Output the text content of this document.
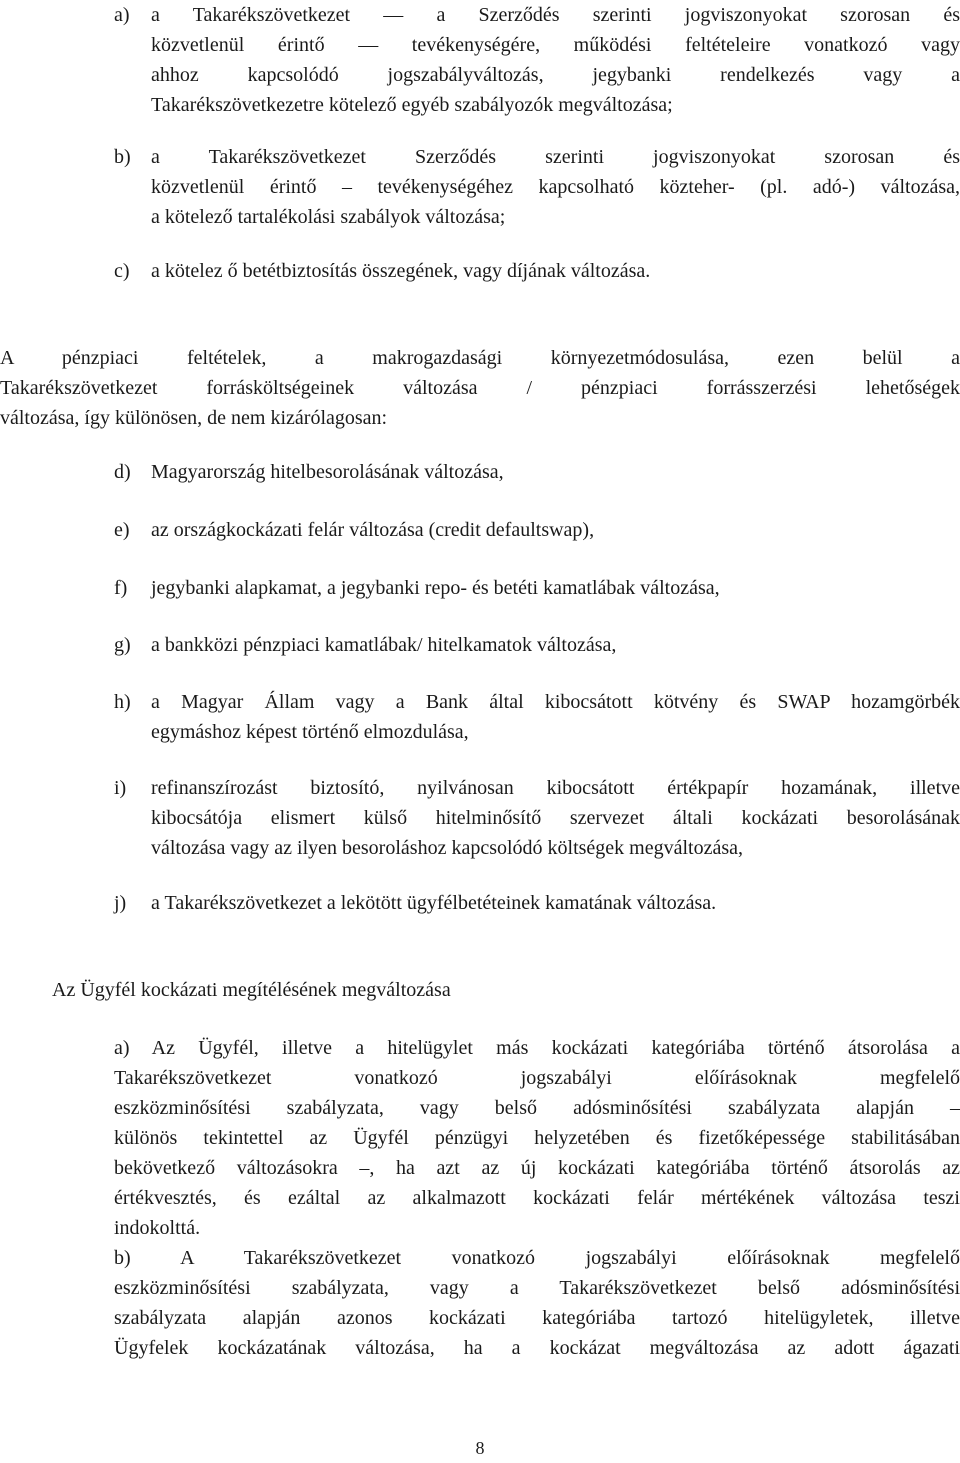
a) a Takarékszövetkezet — a Szerződés szerinti jogviszonyokat szorosan és
közvetlenül érintő — tevékenységére, működési feltételeire vonatkozó vagy
ahhoz kapcsolódó jogszabályváltozás, jegybanki rendelkezés vagy a
Takarékszövetkezetre kötelező egyéb szabályozók megváltozása;
b) a Takarékszövetkezet Szerződés szerinti jogviszonyokat szorosan és
közvetlenül érintő – tevékenységéhez kapcsolható közteher- (pl. adó-) változása,
a kötelező tartalékolási szabályok változása;
c) a kötelez ő betétbiztosítás összegének, vagy díjának változása.
A pénzpiaci feltételek, a makrogazdasági környezetmódosulása, ezen belül a
Takarékszövetkezet forrásköltségeinek változása / pénzpiaci forrásszerzési lehetőségek
változása, így különösen, de nem kizárólagosan:
d) Magyarország hitelbesorolásának változása,
e) az országkockázati felár változása (credit defaultswap),
f) jegybanki alapkamat, a jegybanki repo- és betéti kamatlábak változása,
g) a bankközi pénzpiaci kamatlábak/ hitelkamatok változása,
h) a Magyar Állam vagy a Bank által kibocsátott kötvény és SWAP hozamgörbék
egymáshoz képest történő elmozdulása,
i) refinanszírozást biztosító, nyilvánosan kibocsátott értékpapír hozamának, illetve
kibocsátója elismert külső hitelminősítő szervezet általi kockázati besorolásának
változása vagy az ilyen besoroláshoz kapcsolódó költségek megváltozása,
j) a Takarékszövetkezet a lekötött ügyfélbetéteinek kamatának változása.
Az Ügyfél kockázati megítélésének megváltozása
a) Az Ügyfél, illetve a hitelügylet más kockázati kategóriába történő átsorolása a
Takarékszövetkezet vonatkozó jogszabályi előírásoknak megfelelő
eszközminősítési szabályzata, vagy belső adósminősítési szabályzata alapján –
különös tekintettel az Ügyfél pénzügyi helyzetében és fizetőképessége stabilitásában
bekövetkező változásokra –, ha azt az új kockázati kategóriába történő átsorolás az
értékvesztés, és ezáltal az alkalmazott kockázati felár mértékének változása teszi
indokolttá.
b) A Takarékszövetkezet vonatkozó jogszabályi előírásoknak megfelelő
eszközminősítési szabályzata, vagy a Takarékszövetkezet belső adósminősítési
szabályzata alapján azonos kockázati kategóriába tartozó hitelügyletek, illetve
Ügyfelek kockázatának változása, ha a kockázat megváltozása az adott ágazati
8
